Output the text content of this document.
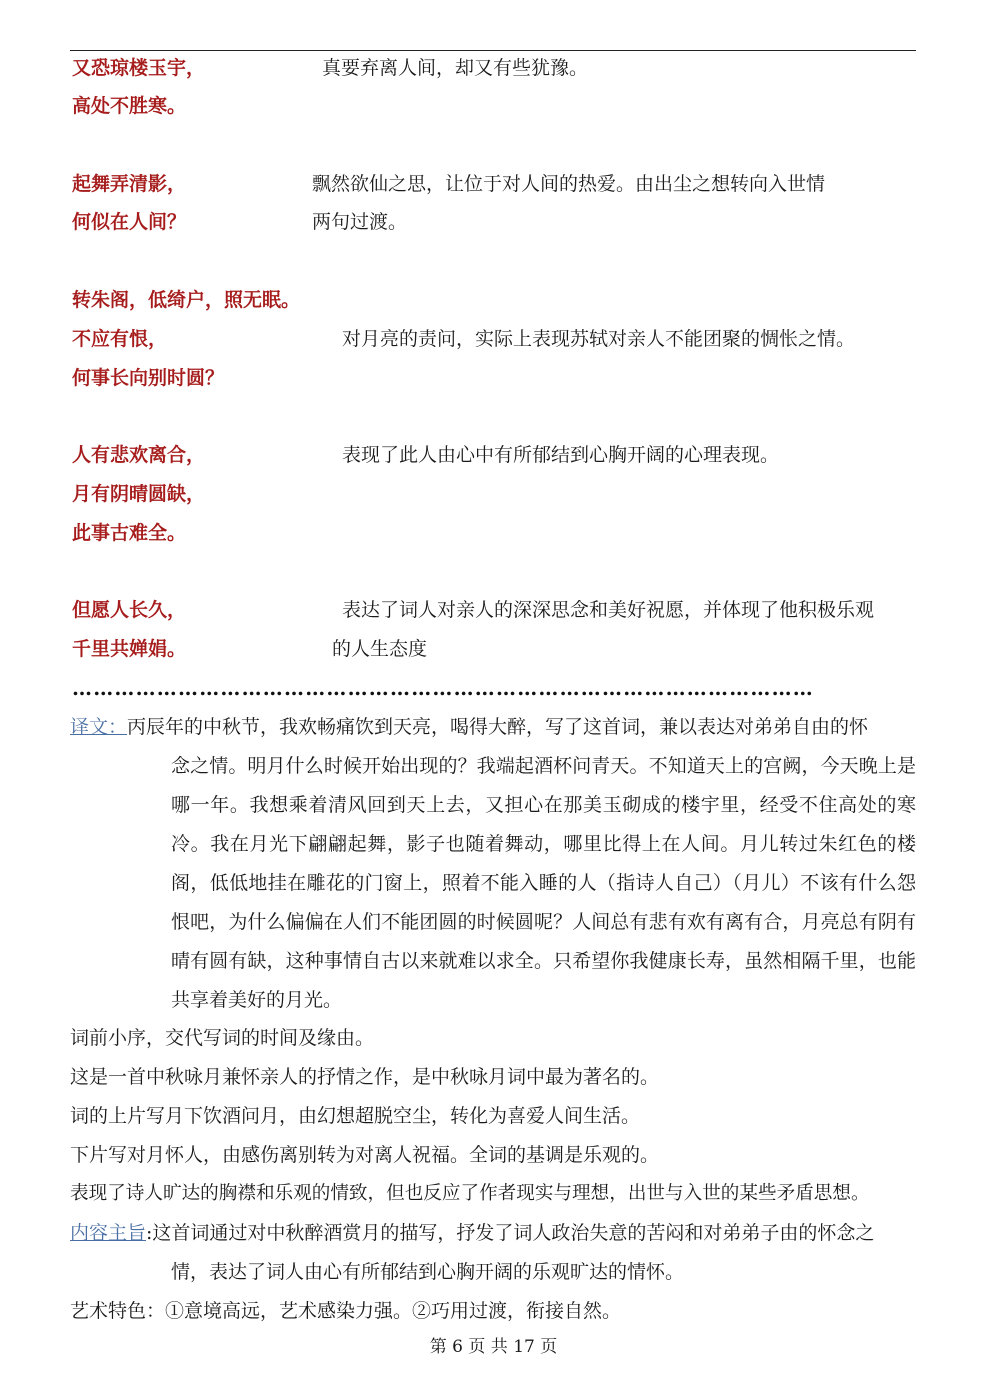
又恐琼楼玉宇，
高处不胜寒。
真要弃离人间，却又有些犹豫。
起舞弄清影，
何似在人间？
飘然欲仙之思，让位于对人间的热爱。由出尘之想转向入世情
两句过渡。
转朱阁，低绮户，照无眠。
不应有恨，
何事长向别时圆？
对月亮的责问，实际上表现苏轼对亲人不能团聚的惆怅之情。
人有悲欢离合，
月有阴晴圆缺，
此事古难全。
表现了此人由心中有所郁结到心胸开阔的心理表现。
但愿人长久，
千里共婵娟。
表达了词人对亲人的深深思念和美好祝愿，并体现了他积极乐观
的人生态度
……………………………………………………………………………………………
译文：丙辰年的中秋节，我欢畅痛饮到天亮，喝得大醉，写了这首词，兼以表达对弟弟自由的怀
念之情。明月什么时候开始出现的？我端起酒杯问青天。不知道天上的宫阙，今天晚上是哪一年。我想乘着清风回到天上去，又担心在那美玉砌成的楼宇里，经受不住高处的寒冷。我在月光下翩翩起舞，影子也随着舞动，哪里比得上在人间。月儿转过朱红色的楼阁，低低地挂在雕花的门窗上，照着不能入睡的人（指诗人自己）（月儿）不该有什么怨恨吧，为什么偏偏在人们不能团圆的时候圆呢？人间总有悲有欢有离有合，月亮总有阴有晴有圆有缺，这种事情自古以来就难以求全。只希望你我健康长寿，虽然相隔千里，也能共享着美好的月光。
词前小序，交代写词的时间及缘由。
这是一首中秋咏月兼怀亲人的抒情之作，是中秋咏月词中最为著名的。
词的上片写月下饮酒问月，由幻想超脱空尘，转化为喜爱人间生活。
下片写对月怀人，由感伤离别转为对离人祝福。全词的基调是乐观的。
表现了诗人旷达的胸襟和乐观的情致，但也反应了作者现实与理想，出世与入世的某些矛盾思想。
内容主旨:这首词通过对中秋醉酒赏月的描写，抒发了词人政治失意的苦闷和对弟弟子由的怀念之
情，表达了词人由心有所郁结到心胸开阔的乐观旷达的情怀。
艺术特色：①意境高远，艺术感染力强。②巧用过渡，衔接自然。
第 6 页 共 17 页
